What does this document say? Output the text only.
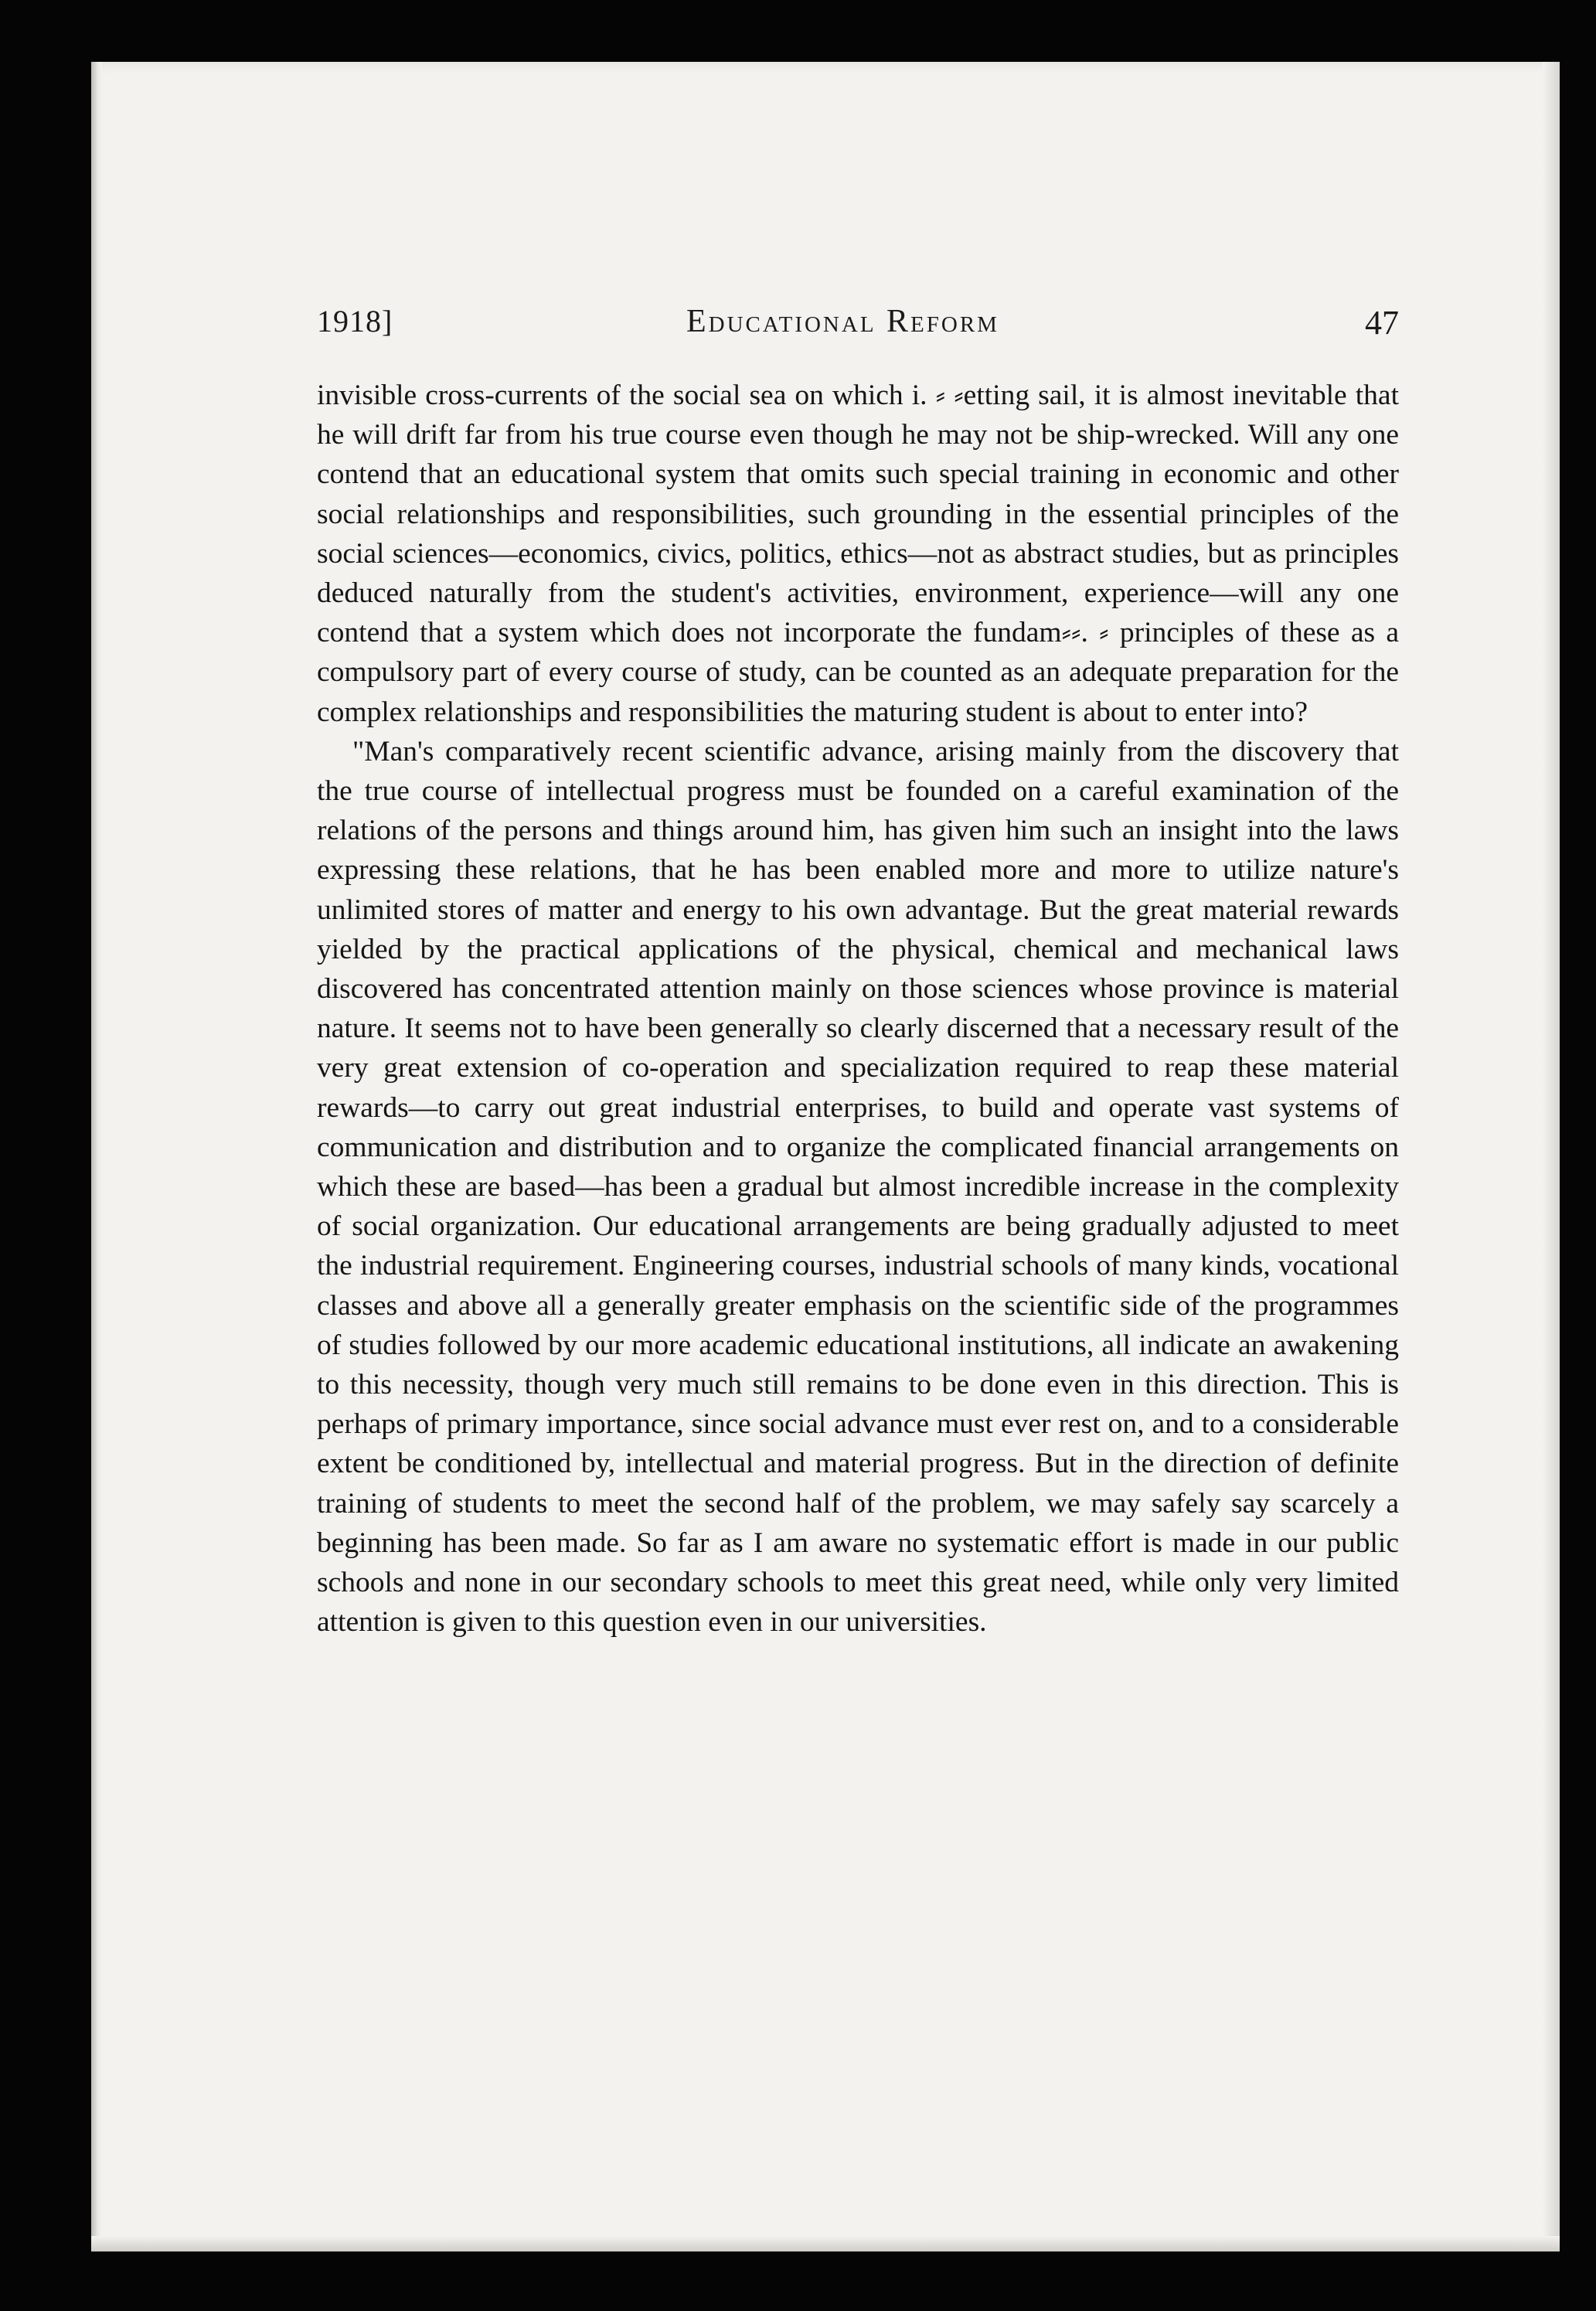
1918]	Educational Reform	47

invisible cross-currents of the social sea on which i. ⸗ ⸗etting sail, it is almost inevitable that he will drift far from his true course even though he may not be ship-wrecked. Will any one contend that an educational system that omits such special training in economic and other social relationships and responsibilities, such grounding in the essential principles of the social sciences—economics, civics, politics, ethics—not as abstract studies, but as principles deduced naturally from the student's activities, environment, experience—will any one contend that a system which does not incorporate the fundam⸗⸗. ⸗ principles of these as a compulsory part of every course of study, can be counted as an adequate preparation for the complex relationships and responsibilities the maturing student is about to enter into?

"Man's comparatively recent scientific advance, arising mainly from the discovery that the true course of intellectual progress must be founded on a careful examination of the relations of the persons and things around him, has given him such an insight into the laws expressing these relations, that he has been enabled more and more to utilize nature's unlimited stores of matter and energy to his own advantage. But the great material rewards yielded by the practical applications of the physical, chemical and mechanical laws discovered has concentrated attention mainly on those sciences whose province is material nature. It seems not to have been generally so clearly discerned that a necessary result of the very great extension of co-operation and specialization required to reap these material rewards—to carry out great industrial enterprises, to build and operate vast systems of communication and distribution and to organize the complicated financial arrangements on which these are based—has been a gradual but almost incredible increase in the complexity of social organization. Our educational arrangements are being gradually adjusted to meet the industrial requirement. Engineering courses, industrial schools of many kinds, vocational classes and above all a generally greater emphasis on the scientific side of the programmes of studies followed by our more academic educational institutions, all indicate an awakening to this necessity, though very much still remains to be done even in this direction. This is perhaps of primary importance, since social advance must ever rest on, and to a considerable extent be conditioned by, intellectual and material progress. But in the direction of definite training of students to meet the second half of the problem, we may safely say scarcely a beginning has been made. So far as I am aware no systematic effort is made in our public schools and none in our secondary schools to meet this great need, while only very limited attention is given to this question even in our universities.
